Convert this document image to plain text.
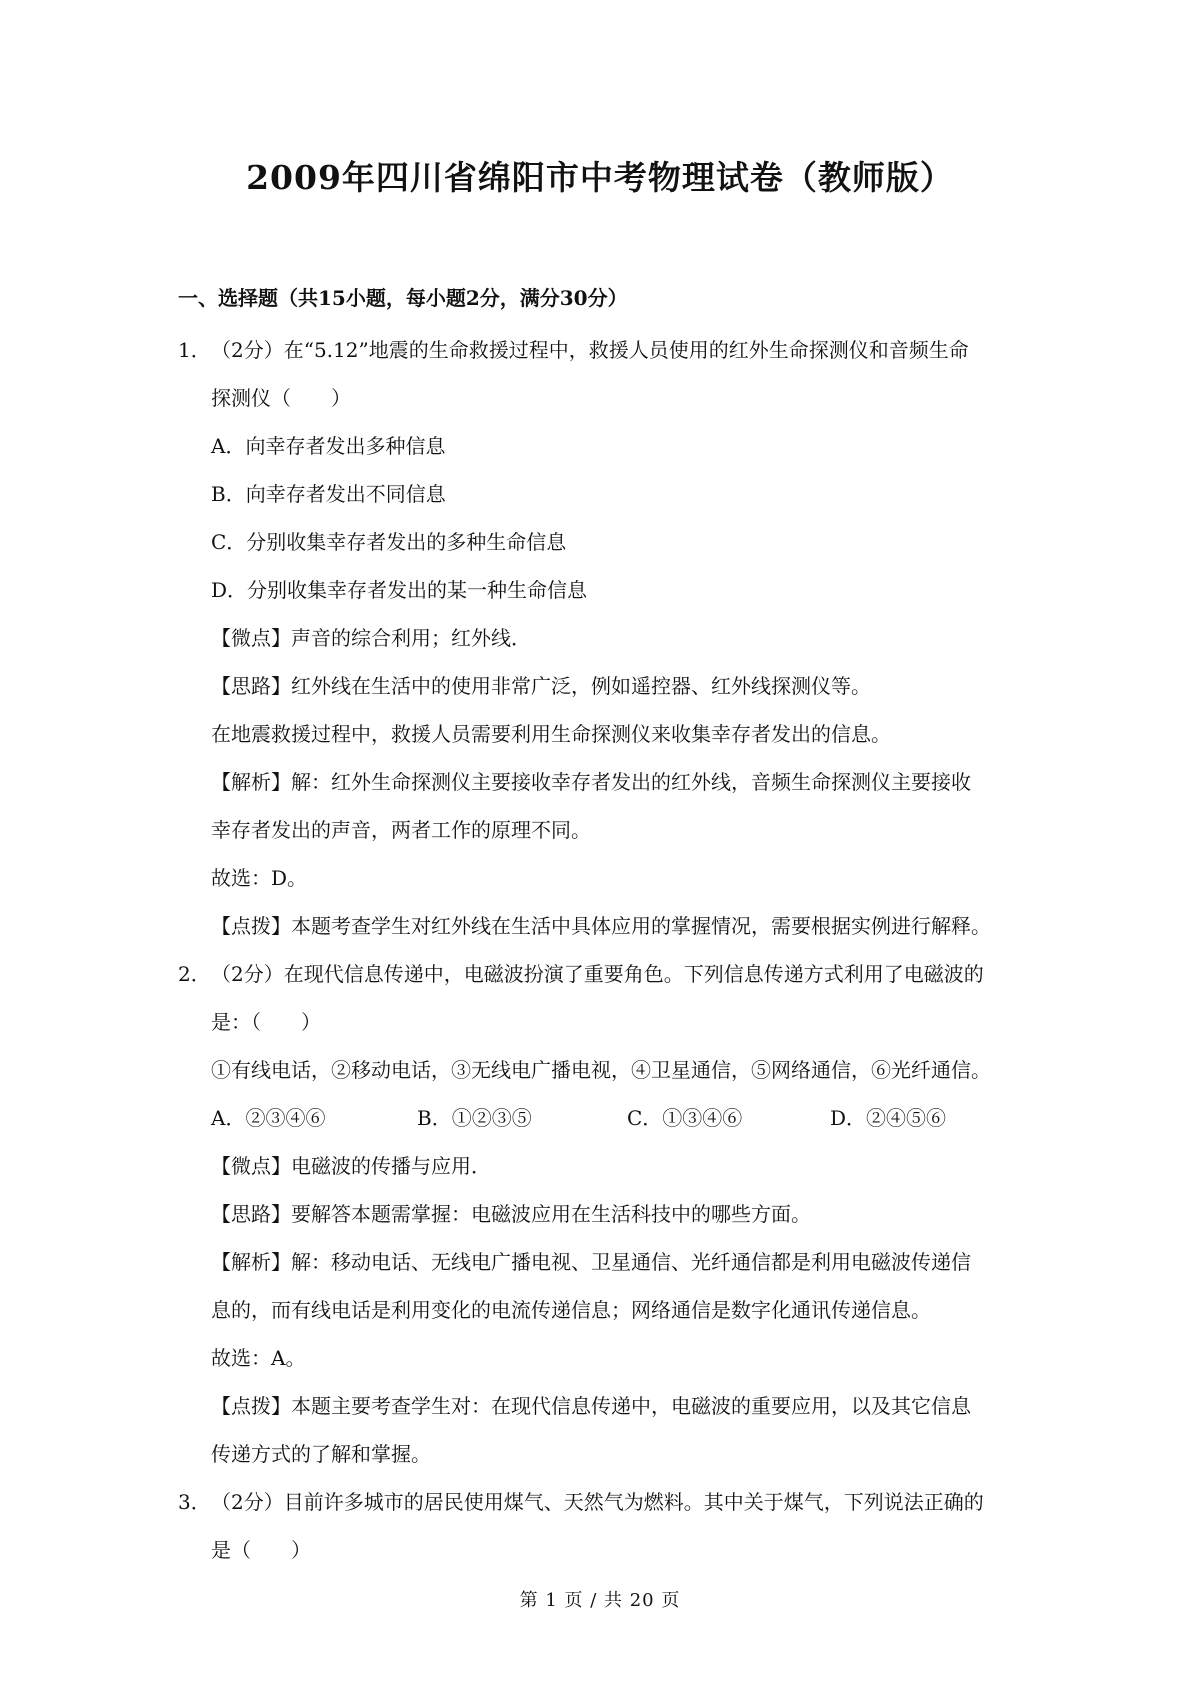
2009年四川省绵阳市中考物理试卷（教师版）
一、选择题（共15小题，每小题2分，满分30分）
1．（2分）在“5.12”地震的生命救援过程中，救援人员使用的红外生命探测仪和音频生命
探测仪（　　）
A．向幸存者发出多种信息
B．向幸存者发出不同信息
C．分别收集幸存者发出的多种生命信息
D．分别收集幸存者发出的某一种生命信息
【微点】声音的综合利用；红外线．
【思路】红外线在生活中的使用非常广泛，例如遥控器、红外线探测仪等。
在地震救援过程中，救援人员需要利用生命探测仪来收集幸存者发出的信息。
【解析】解：红外生命探测仪主要接收幸存者发出的红外线，音频生命探测仪主要接收
幸存者发出的声音，两者工作的原理不同。
故选：D。
【点拨】本题考查学生对红外线在生活中具体应用的掌握情况，需要根据实例进行解释。
2．（2分）在现代信息传递中，电磁波扮演了重要角色。下列信息传递方式利用了电磁波的
是：（　　）
①有线电话，②移动电话，③无线电广播电视，④卫星通信，⑤网络通信，⑥光纤通信。
A．②③④⑥	B．①②③⑤	C．①③④⑥	D．②④⑤⑥
【微点】电磁波的传播与应用．
【思路】要解答本题需掌握：电磁波应用在生活科技中的哪些方面。
【解析】解：移动电话、无线电广播电视、卫星通信、光纤通信都是利用电磁波传递信
息的，而有线电话是利用变化的电流传递信息；网络通信是数字化通讯传递信息。
故选：A。
【点拨】本题主要考查学生对：在现代信息传递中，电磁波的重要应用，以及其它信息
传递方式的了解和掌握。
3．（2分）目前许多城市的居民使用煤气、天然气为燃料。其中关于煤气，下列说法正确的
是（　　）
第 1 页 / 共 20 页
